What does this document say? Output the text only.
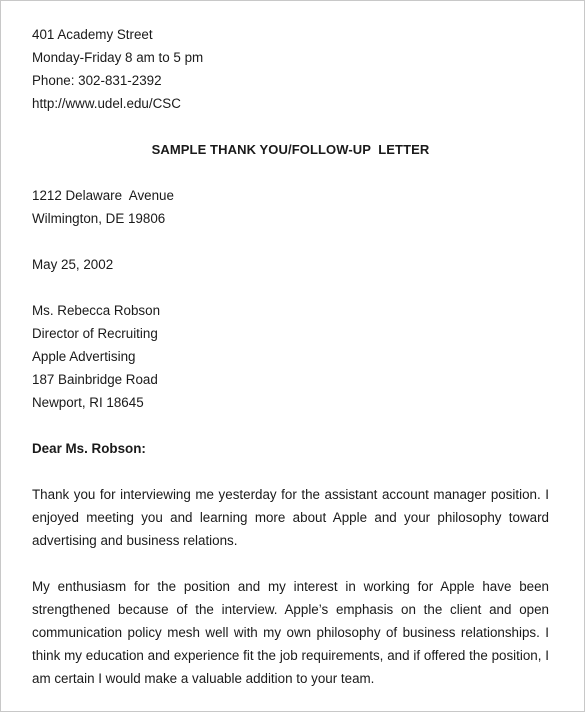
401 Academy Street
Monday-Friday 8 am to 5 pm
Phone: 302-831-2392
http://www.udel.edu/CSC
SAMPLE THANK YOU/FOLLOW-UP  LETTER
1212 Delaware  Avenue
Wilmington, DE 19806
May 25, 2002
Ms. Rebecca Robson
Director of Recruiting
Apple Advertising
187 Bainbridge Road
Newport, RI 18645
Dear Ms. Robson:
Thank you for interviewing me yesterday for the assistant account manager position. I
enjoyed meeting you and learning more about Apple and your philosophy toward
advertising and business relations.
My enthusiasm for the position and my interest in working for Apple have been
strengthened because of the interview. Apple’s emphasis on the client and open
communication policy mesh well with my own philosophy of business relationships. I
think my education and experience fit the job requirements, and if offered the position, I
am certain I would make a valuable addition to your team.
